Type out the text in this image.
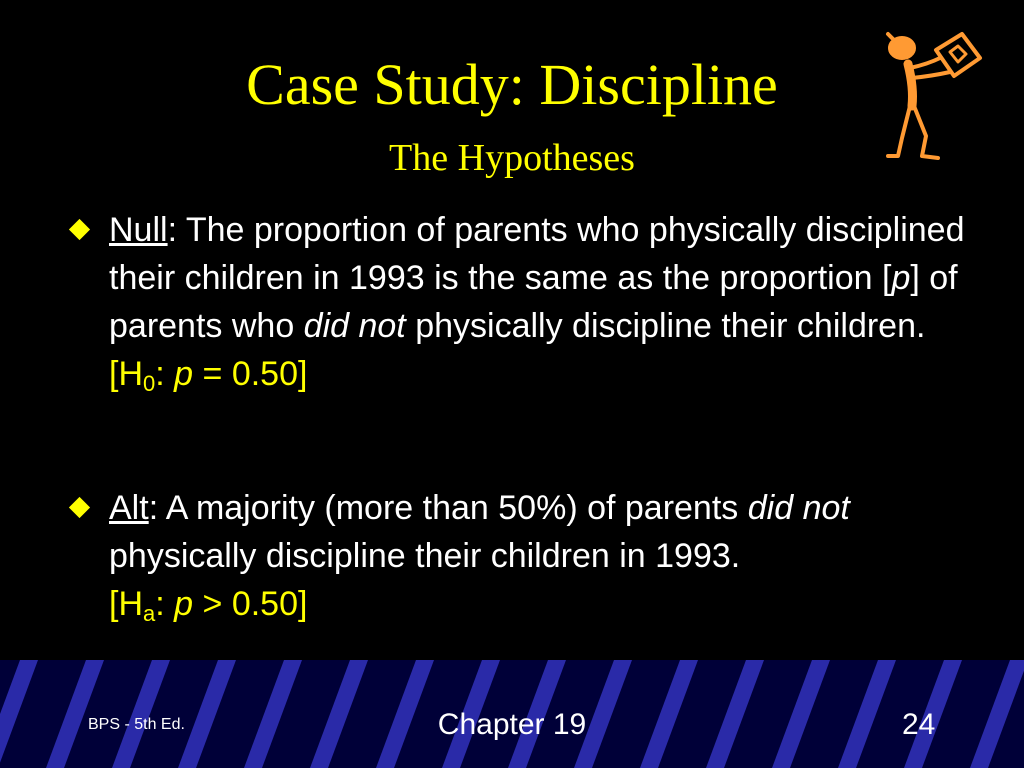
Case Study: Discipline
The Hypotheses
Null: The proportion of parents who physically disciplined their children in 1993 is the same as the proportion [p] of parents who did not physically discipline their children.
[$H_0$: p = 0.50]
Alt: A majority (more than 50%) of parents did not physically discipline their children in 1993.
[$H_a$: p > 0.50]
BPS - 5th Ed.	Chapter 19	24
